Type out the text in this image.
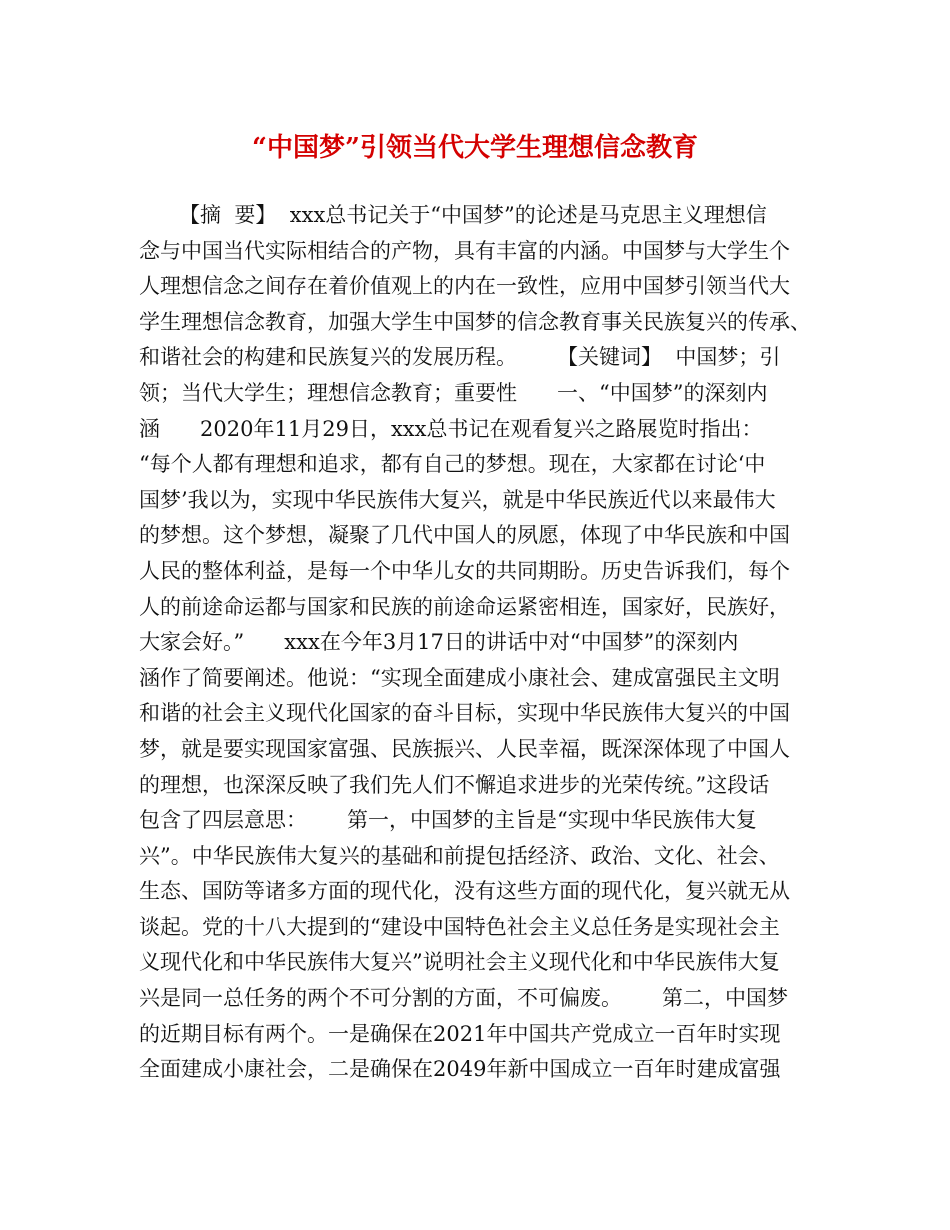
“中国梦”引领当代大学生理想信念教育
【摘  要】  xxx总书记关于“中国梦”的论述是马克思主义理想信
念与中国当代实际相结合的产物，具有丰富的内涵。中国梦与大学生个
人理想信念之间存在着价值观上的内在一致性，应用中国梦引领当代大
学生理想信念教育，加强大学生中国梦的信念教育事关民族复兴的传承、
和谐社会的构建和民族复兴的发展历程。      【关键词】  中国梦；引
领；当代大学生；理想信念教育；重要性      一、“中国梦”的深刻内
涵      2020年11月29日，xxx总书记在观看复兴之路展览时指出：
“每个人都有理想和追求，都有自己的梦想。现在，大家都在讨论‘中
国梦’我以为，实现中华民族伟大复兴，就是中华民族近代以来最伟大
的梦想。这个梦想，凝聚了几代中国人的夙愿，体现了中华民族和中国
人民的整体利益，是每一个中华儿女的共同期盼。历史告诉我们，每个
人的前途命运都与国家和民族的前途命运紧密相连，国家好，民族好，
大家会好。”      xxx在今年3月17日的讲话中对“中国梦”的深刻内
涵作了简要阐述。他说：“实现全面建成小康社会、建成富强民主文明
和谐的社会主义现代化国家的奋斗目标，实现中华民族伟大复兴的中国
梦，就是要实现国家富强、民族振兴、人民幸福，既深深体现了中国人
的理想，也深深反映了我们先人们不懈追求进步的光荣传统。”这段话
包含了四层意思：      第一，中国梦的主旨是“实现中华民族伟大复
兴”。中华民族伟大复兴的基础和前提包括经济、政治、文化、社会、
生态、国防等诸多方面的现代化，没有这些方面的现代化，复兴就无从
谈起。党的十八大提到的“建设中国特色社会主义总任务是实现社会主
义现代化和中华民族伟大复兴”说明社会主义现代化和中华民族伟大复
兴是同一总任务的两个不可分割的方面，不可偏废。      第二，中国梦
的近期目标有两个。一是确保在2021年中国共产党成立一百年时实现
全面建成小康社会，二是确保在2049年新中国成立一百年时建成富强
